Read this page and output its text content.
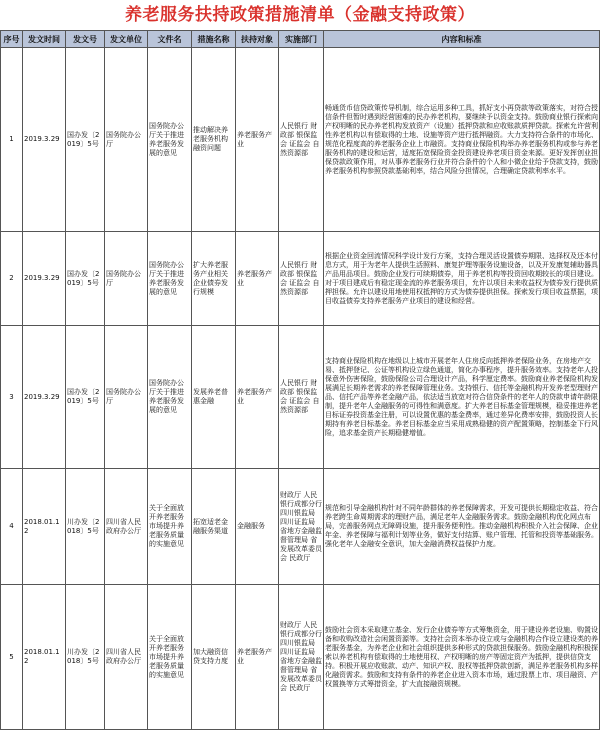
养老服务扶持政策措施清单（金融支持政策）
序号	发文时间	发文号	发文单位	文件名	措施名称	扶持对象	实施部门	内容和标准
1	2019.3.29	国办发〔2019〕5号	国务院办公厅	国务院办公厅关于推进养老服务发展的意见	推动解决养老服务机构融资问题	养老服务产业	人民银行 财政部 银保监会 证监会 自然资源部	畅通货币信贷政策传导机制，综合运用多种工具，抓好支小再贷款等政策落实，对符合授信条件但暂时遇到经营困难的民办养老机构，要继续予以资金支持。鼓励商业银行探索向产权明晰的民办养老机构发放资产（设施）抵押贷款和应收账款质押贷款。探索允许营利性养老机构以有偿取得的土地、设施等资产进行抵押融资。大力支持符合条件的市场化、规范化程度高的养老服务企业上市融资。支持商业保险机构举办养老服务机构或参与养老服务机构的建设和运营，适度拓宽保险资金投资建设养老项目资金来源。更好发挥创业担保贷款政策作用，对从事养老服务行业并符合条件的个人和小微企业给予贷款支持，鼓励养老服务机构参照贷款基础利率，结合风险分担情况，合理确定贷款利率水平。
2	2019.3.29	国办发〔2019〕5号	国务院办公厅	国务院办公厅关于推进养老服务发展的意见	扩大养老服务产业相关企业债券发行规模	养老服务产业	人民银行 财政部 银保监会 证监会 自然资源部	根据企业资金回流情况科学设计发行方案，支持合理灵活设置债券期限、选择权及还本付息方式，用于为老年人提供生活照料、康复护理等服务设施设备，以及开发康复辅助器具产品用品项目。鼓励企业发行可续期债券，用于养老机构等投资回收期较长的项目建设。对于项目建成后有稳定现金流的养老服务项目，允许以项目未来收益权为债券发行提供质押担保。允许以建设用地使用权抵押的方式为债券提供担保。探索发行项目收益票据，项目收益债券支持养老服务产业项目的建设和经营。
3	2019.3.29	国办发〔2019〕5号	国务院办公厅	国务院办公厅关于推进养老服务发展的意见	发展养老普惠金融	养老服务产业	人民银行 财政部 银保监会 证监会 自然资源部	支持商业保险机构在地级以上城市开展老年人住房反向抵押养老保险业务，在房地产交易、抵押登记、公证等机构设立绿色通道，简化办事程序，提升服务效率。支持老年人投保意外伤害保险，鼓励保险公司合理设计产品，科学厘定费率。鼓励商业养老保险机构发展满足长期养老需求的养老保障管理业务。支持银行、信托等金融机构开发养老型理财产品、信托产品等养老金融产品，依法适当放宽对符合信贷条件的老年人的贷款申请年龄限制，提升老年人金融服务的可得性和满意度。扩大养老目标基金管理规模，稳妥推进养老目标证券投资基金注册，可以设置优惠的基金费率，通过差异化费率安排，鼓励投资人长期持有养老目标基金。养老目标基金应当采用成熟稳健的资产配置策略，控制基金下行风险，追求基金资产长期稳健增值。
4	2018.01.12	川办发〔2018〕5号	四川省人民政府办公厅	关于全面放开养老服务市场提升养老服务质量的实施意见	拓宽适老金融服务渠道	金融服务	财政厅 人民银行成都分行 四川银监局 四川证监局 省地方金融监督管理局 省发展改革委员会 民政厅	规范和引导金融机构针对不同年龄群体的养老保障需求，开发可提供长期稳定收益、符合养老跨生命周期需求的理财产品，满足老年人金融服务需求。鼓励金融机构优化网点布局，完善服务网点无障碍设施，提升服务便利性。推动金融机构积极介入社会保障、企业年金、养老保障与福利计划等业务，做好支付结算、账户管理、托管和投资等基础服务。强化老年人金融安全意识，加大金融消费权益保护力度。
5	2018.01.12	川办发〔2018〕5号	四川省人民政府办公厅	关于全面放开养老服务市场提升养老服务质量的实施意见	加大融资信贷支持力度	养老服务产业	财政厅 人民银行成都分行 四川银监局 四川证监局 省地方金融监督管理局 省发展改革委员会 民政厅	鼓励社会资本采取建立基金、发行企业债券等方式筹集资金，用于建设养老设施、购置设备和收购改造社会闲置资源等。支持社会资本举办设立或与金融机构合作设立建设类的养老服务基金，为养老企业和社会组织提供多种形式的贷款担保服务。鼓励金融机构积极探索以养老机构有偿取得的土地使用权、产权明晰的房产等固定资产为抵押，提供信贷支持。积极开展应收账款、动产、知识产权、股权等抵押贷款创新，满足养老服务机构多样化融资需求。鼓励和支持有条件的养老企业进入资本市场，通过股票上市、项目融资、产权置换等方式筹措资金，扩大直接融资规模。
